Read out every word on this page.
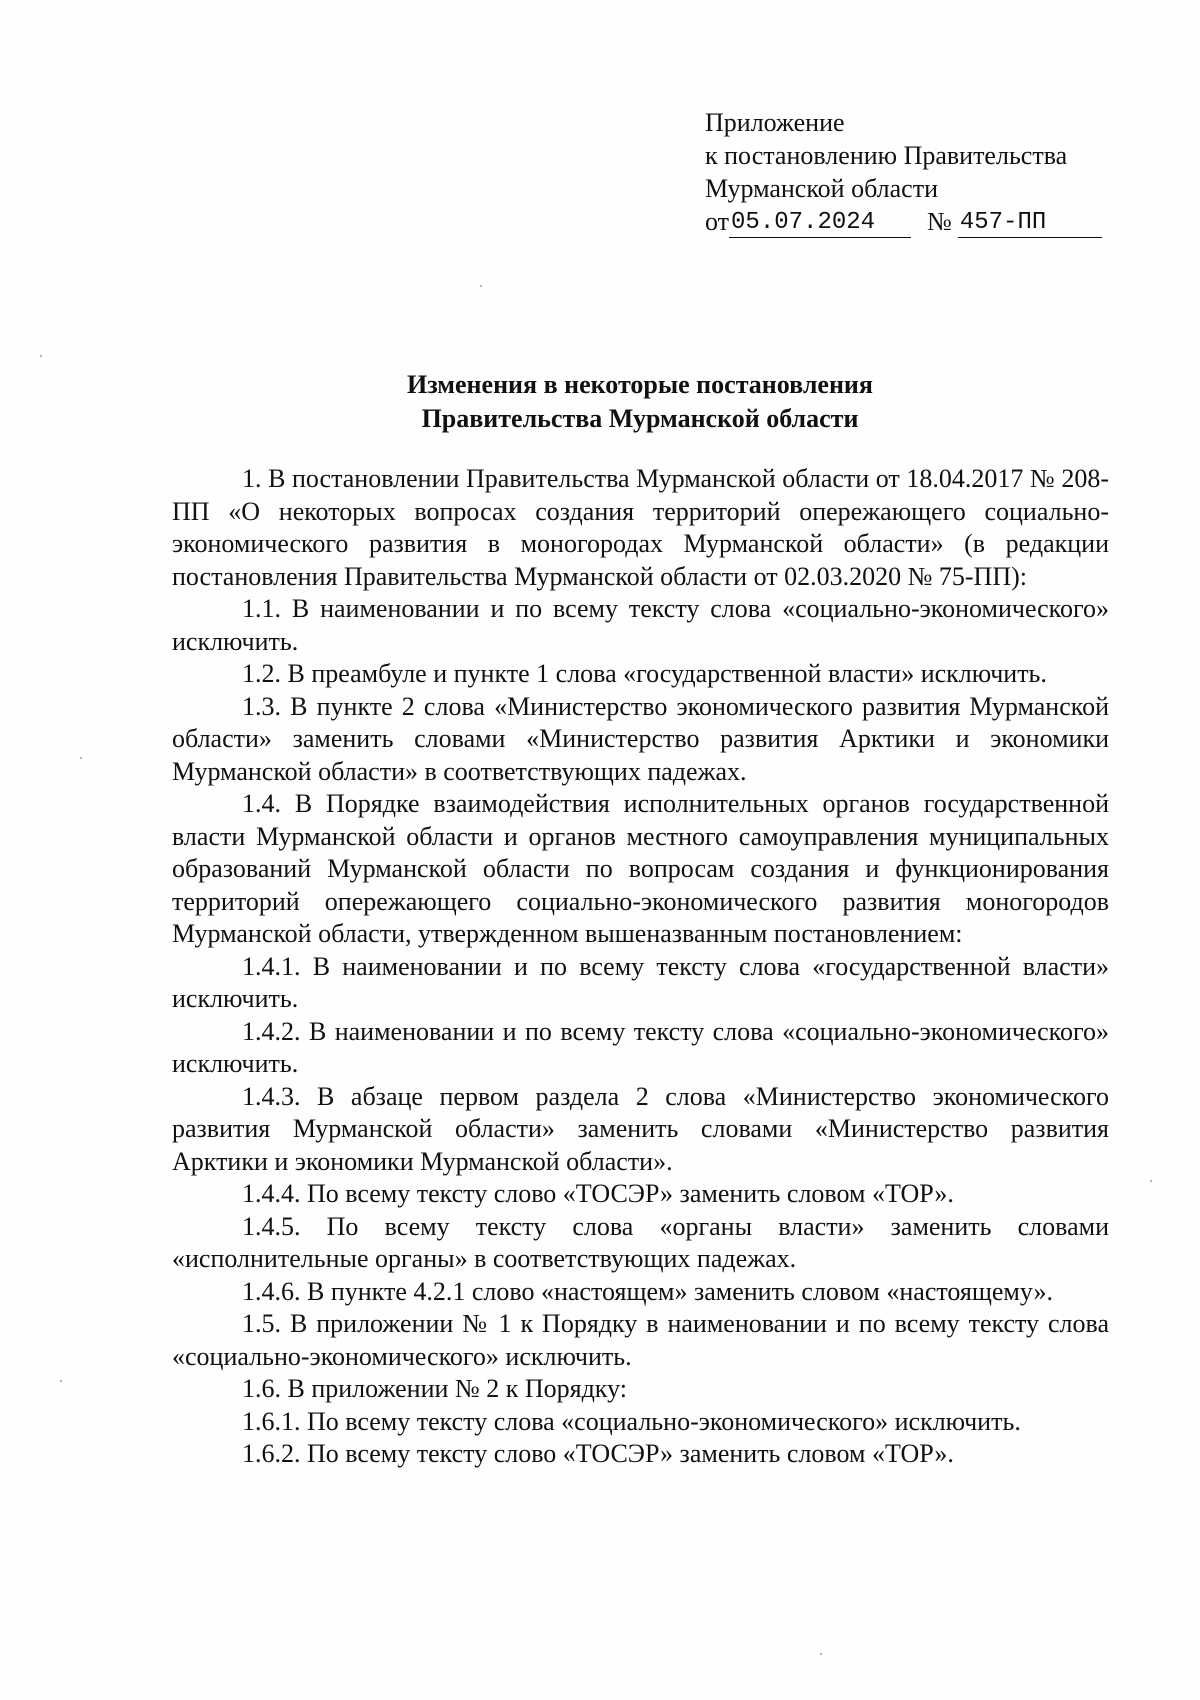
Приложение
к постановлению Правительства
Мурманской области
от 05.07.2024	№ 457-ПП
Изменения в некоторые постановления
Правительства Мурманской области

1. В постановлении Правительства Мурманской области от 18.04.2017 № 208-ПП «О некоторых вопросах создания территорий опережающего социально-экономического развития в моногородах Мурманской области» (в редакции постановления Правительства Мурманской области от 02.03.2020 № 75-ПП):

1.1. В наименовании и по всему тексту слова «социально-экономического» исключить.

1.2. В преамбуле и пункте 1 слова «государственной власти» исключить.

1.3. В пункте 2 слова «Министерство экономического развития Мурманской области» заменить словами «Министерство развития Арктики и экономики Мурманской области» в соответствующих падежах.

1.4. В Порядке взаимодействия исполнительных органов государственной власти Мурманской области и органов местного самоуправления муниципальных образований Мурманской области по вопросам создания и функционирования территорий опережающего социально-экономического развития моногородов Мурманской области, утвержденном вышеназванным постановлением:

1.4.1. В наименовании и по всему тексту слова «государственной власти» исключить.

1.4.2. В наименовании и по всему тексту слова «социально-экономического» исключить.

1.4.3. В абзаце первом раздела 2 слова «Министерство экономического развития Мурманской области» заменить словами «Министерство развития Арктики и экономики Мурманской области».

1.4.4. По всему тексту слово «ТОСЭР» заменить словом «ТОР».

1.4.5. По всему тексту слова «органы власти» заменить словами «исполнительные органы» в соответствующих падежах.

1.4.6. В пункте 4.2.1 слово «настоящем» заменить словом «настоящему».

1.5. В приложении № 1 к Порядку в наименовании и по всему тексту слова «социально-экономического» исключить.

1.6. В приложении № 2 к Порядку:

1.6.1. По всему тексту слова «социально-экономического» исключить.

1.6.2. По всему тексту слово «ТОСЭР» заменить словом «ТОР».
